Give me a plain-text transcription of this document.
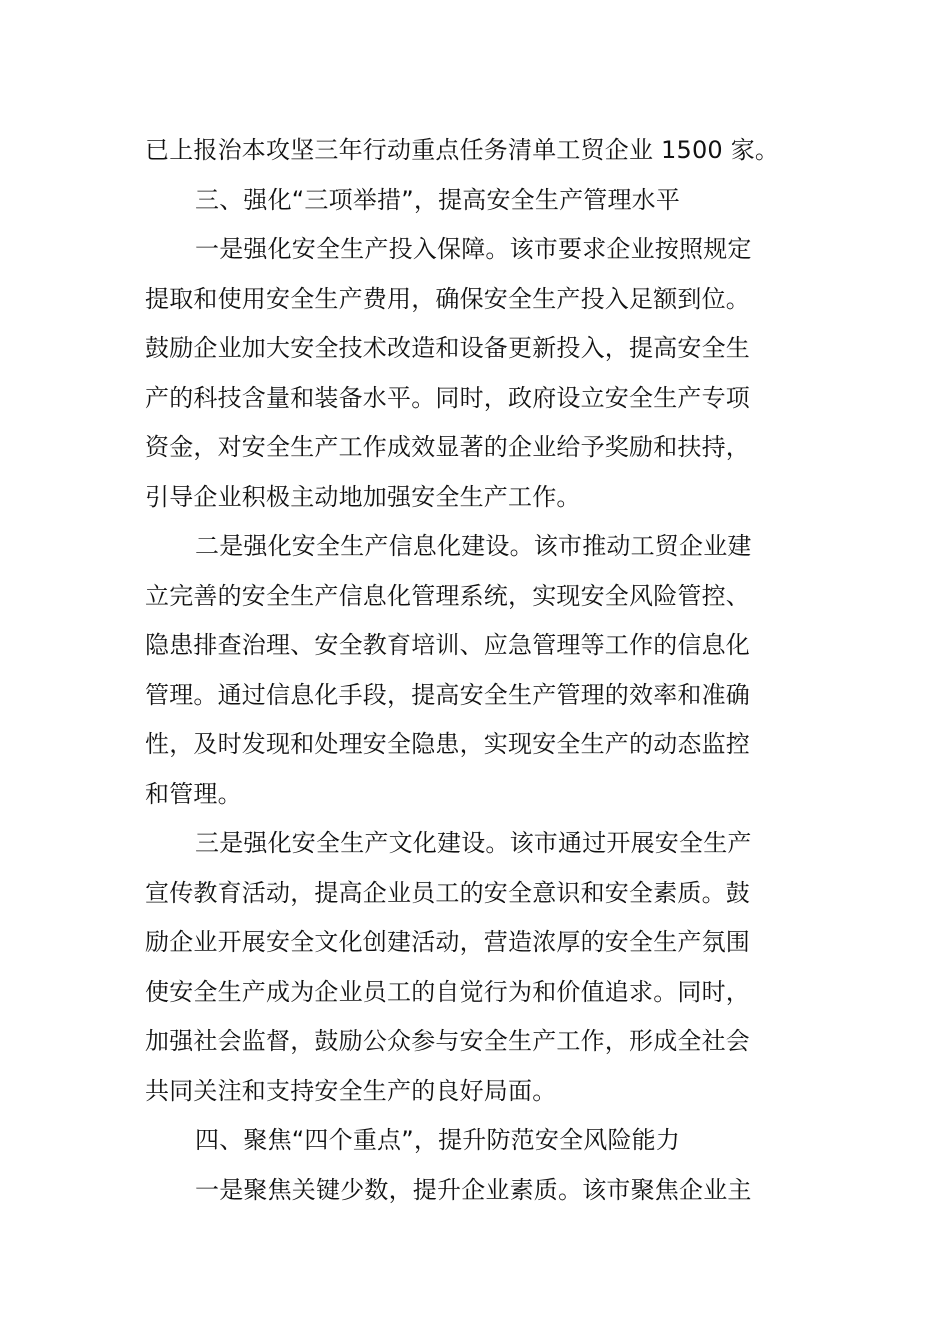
已上报治本攻坚三年行动重点任务清单工贸企业 1500 家。
三、强化“三项举措”，提高安全生产管理水平
一是强化安全生产投入保障。该市要求企业按照规定
提取和使用安全生产费用，确保安全生产投入足额到位。
鼓励企业加大安全技术改造和设备更新投入，提高安全生
产的科技含量和装备水平。同时，政府设立安全生产专项
资金，对安全生产工作成效显著的企业给予奖励和扶持，
引导企业积极主动地加强安全生产工作。
二是强化安全生产信息化建设。该市推动工贸企业建
立完善的安全生产信息化管理系统，实现安全风险管控、
隐患排查治理、安全教育培训、应急管理等工作的信息化
管理。通过信息化手段，提高安全生产管理的效率和准确
性，及时发现和处理安全隐患，实现安全生产的动态监控
和管理。
三是强化安全生产文化建设。该市通过开展安全生产
宣传教育活动，提高企业员工的安全意识和安全素质。鼓
励企业开展安全文化创建活动，营造浓厚的安全生产氛围
使安全生产成为企业员工的自觉行为和价值追求。同时，
加强社会监督，鼓励公众参与安全生产工作，形成全社会
共同关注和支持安全生产的良好局面。
四、聚焦“四个重点”，提升防范安全风险能力
一是聚焦关键少数，提升企业素质。该市聚焦企业主
